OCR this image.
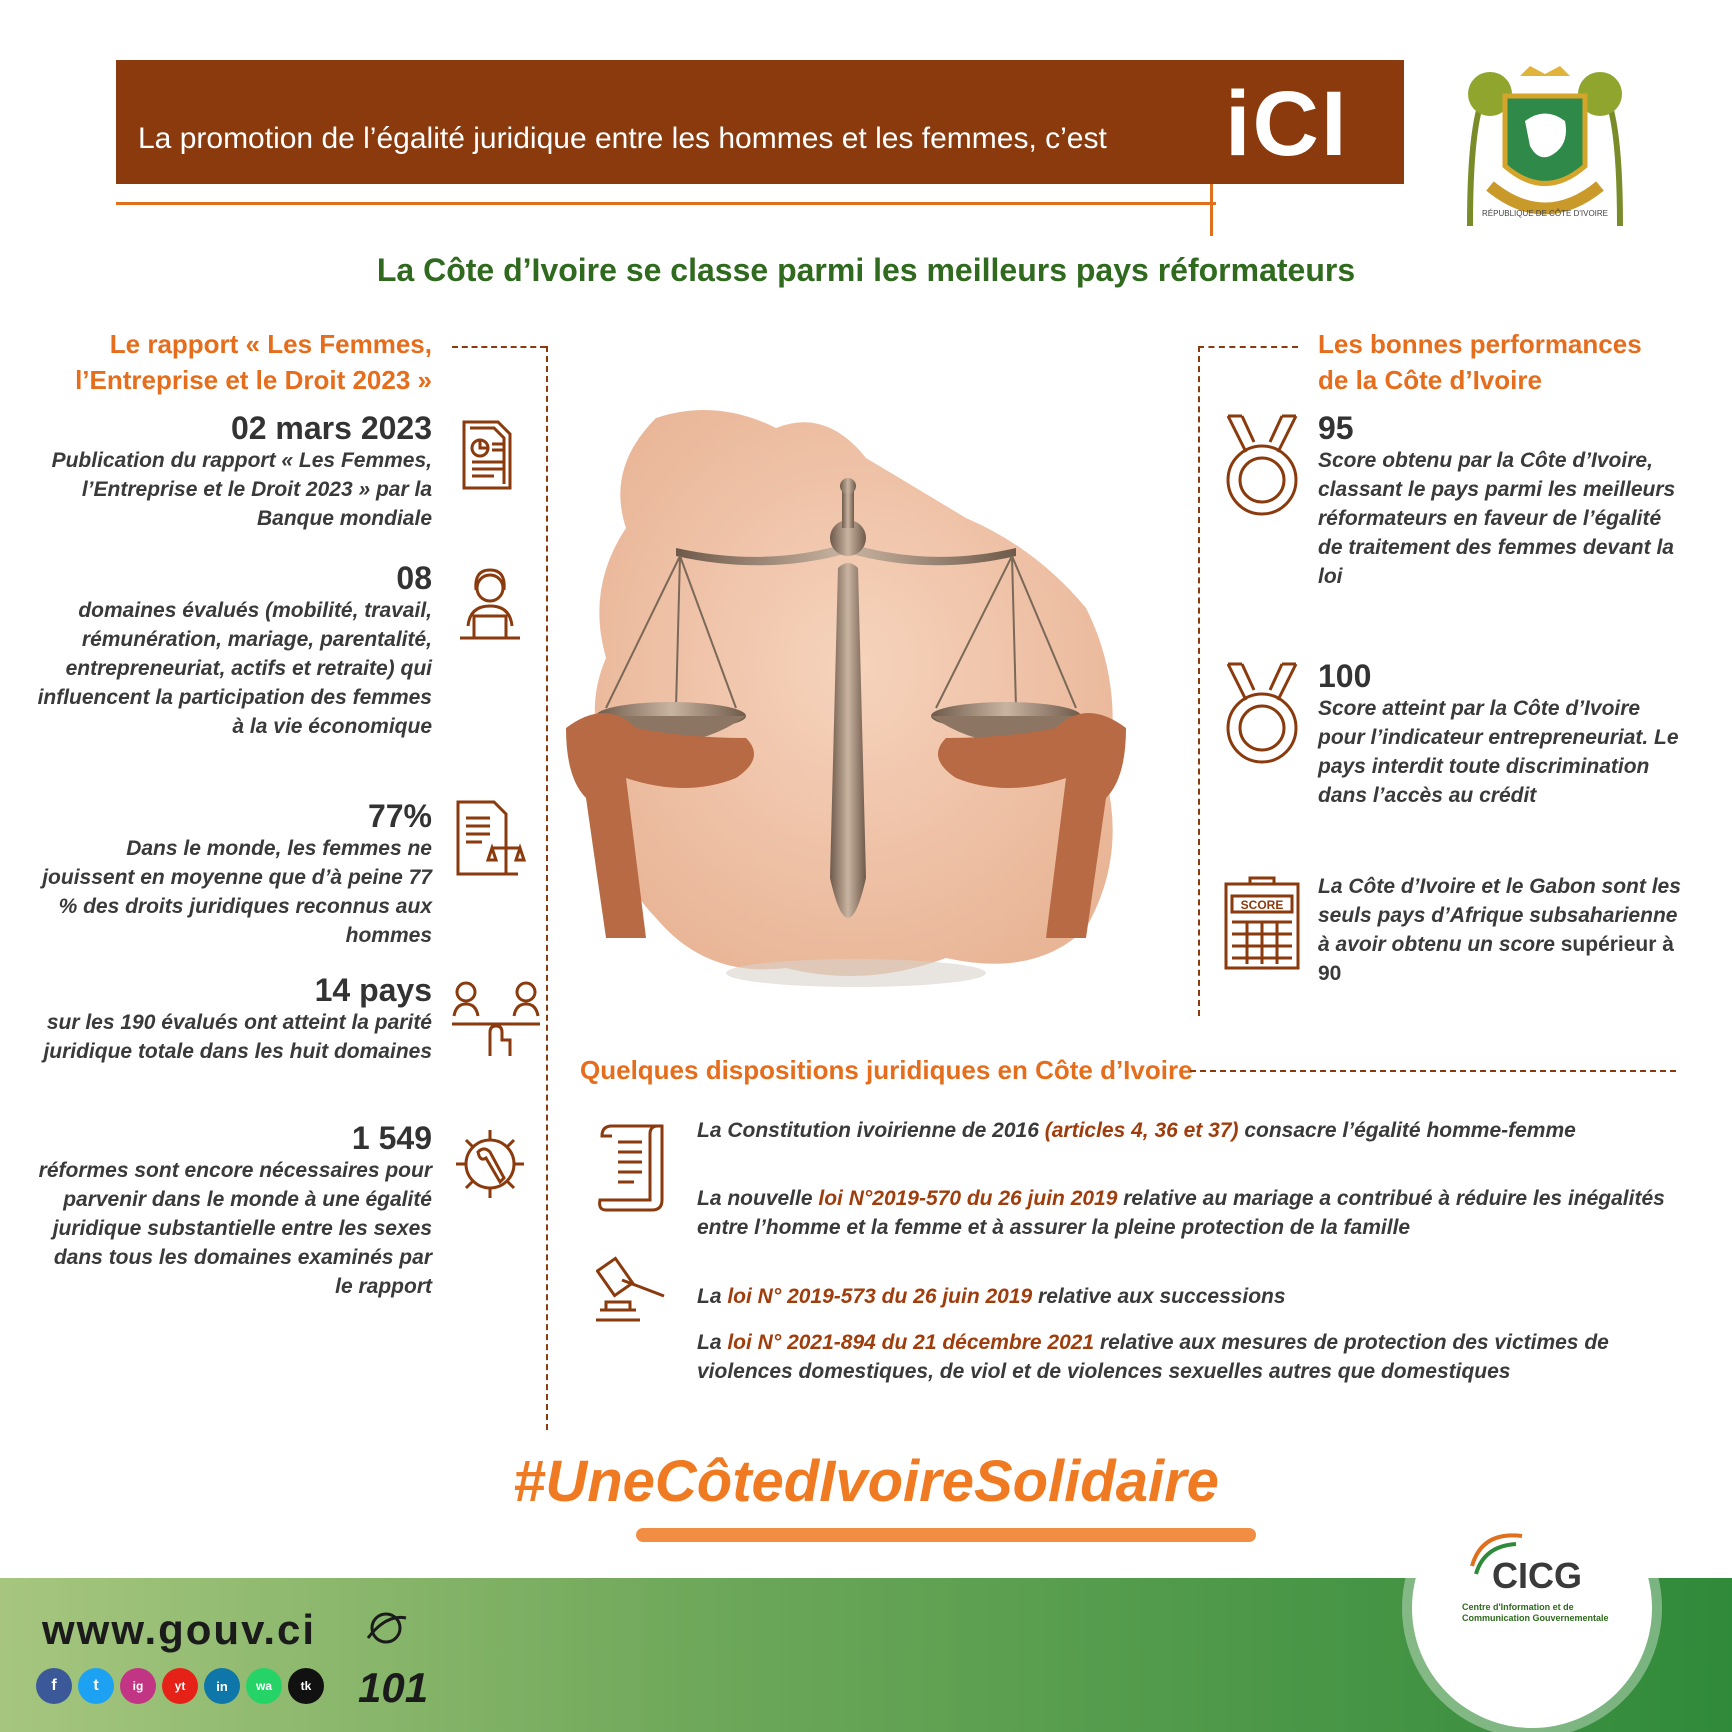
La promotion de l’égalité juridique entre les hommes et les femmes, c’est iCI
RÉPUBLIQUE DE CÔTE D'IVOIRE
La Côte d’Ivoire se classe parmi les meilleurs pays réformateurs
Le rapport « Les Femmes,
l’Entreprise et le Droit 2023 »
02 mars 2023
Publication du rapport « Les Femmes, l’Entreprise et le Droit 2023 » par la Banque mondiale
08
domaines évalués (mobilité, travail, rémunération, mariage, parentalité, entrepreneuriat, actifs et retraite) qui influencent la participation des femmes à la vie économique
77%
Dans le monde, les femmes ne jouissent en moyenne que d’à peine 77 % des droits juridiques reconnus aux hommes
14 pays
sur les 190 évalués ont atteint la parité juridique totale dans les huit domaines
1 549
réformes sont encore nécessaires pour parvenir dans le monde à une égalité juridique substantielle entre les sexes dans tous les domaines examinés par le rapport
Les bonnes performances
de la Côte d’Ivoire
95
Score obtenu par la Côte d’Ivoire, classant le pays parmi les meilleurs réformateurs en faveur de l’égalité de traitement des femmes devant la loi
100
Score atteint par la Côte d’Ivoire pour l’indicateur entrepreneuriat. Le pays interdit toute discrimination dans l’accès au crédit
La Côte d’Ivoire et le Gabon sont les seuls pays d’Afrique subsaharienne à avoir obtenu un score supérieur à 90
SCORE
Quelques dispositions juridiques en Côte d’Ivoire
La Constitution ivoirienne de 2016 (articles 4, 36 et 37) consacre l’égalité homme-femme
La nouvelle loi N°2019-570 du 26 juin 2019 relative au mariage a contribué à réduire les inégalités entre l’homme et la femme et à assurer la pleine protection de la famille
La loi N° 2019-573 du 26 juin 2019 relative aux successions
La loi N° 2021-894 du 21 décembre 2021 relative aux mesures de protection des victimes de violences domestiques, de viol et de violences sexuelles autres que domestiques
#UneCôtedIvoireSolidaire
www.gouv.ci
f	t	ig	yt	in	wa	tk	101
CICG
Centre d'Information et de
Communication Gouvernementale
